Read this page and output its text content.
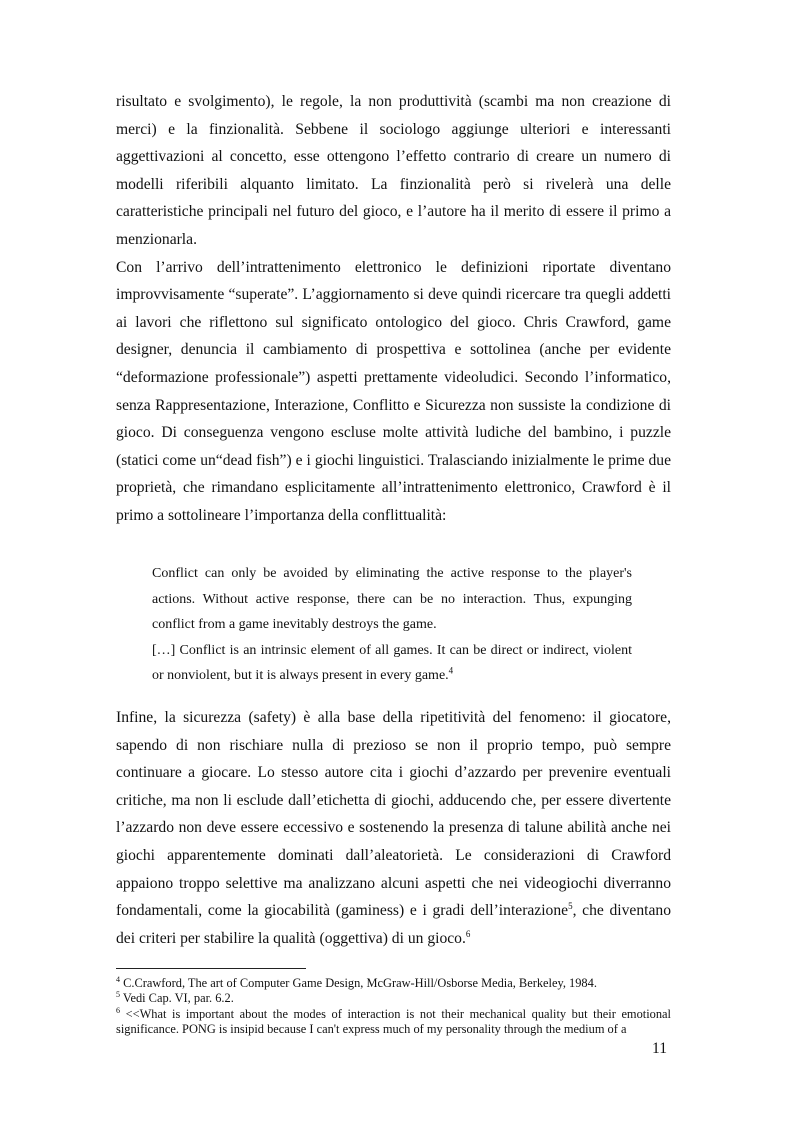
risultato e svolgimento), le regole, la non produttività (scambi ma non creazione di merci) e la finzionalità. Sebbene il sociologo aggiunge ulteriori e interessanti aggettivazioni al concetto, esse ottengono l’effetto contrario di creare un numero di modelli riferibili alquanto limitato. La finzionalità però si rivelerà una delle caratteristiche principali nel futuro del gioco, e l’autore ha il merito di essere il primo a menzionarla.

Con l’arrivo dell’intrattenimento elettronico le definizioni riportate diventano improvvisamente “superate”. L’aggiornamento si deve quindi ricercare tra quegli addetti ai lavori che riflettono sul significato ontologico del gioco. Chris Crawford, game designer, denuncia il cambiamento di prospettiva e sottolinea (anche per evidente “deformazione professionale”) aspetti prettamente videoludici. Secondo l’informatico, senza Rappresentazione, Interazione, Conflitto e Sicurezza non sussiste la condizione di gioco. Di conseguenza vengono escluse molte attività ludiche del bambino, i puzzle (statici come un“dead fish”) e i giochi linguistici. Tralasciando inizialmente le prime due proprietà, che rimandano esplicitamente all’intrattenimento elettronico, Crawford è il primo a sottolineare l’importanza della conflittualità:

Conflict can only be avoided by eliminating the active response to the player's actions. Without active response, there can be no interaction. Thus, expunging conflict from a game inevitably destroys the game.

[…] Conflict is an intrinsic element of all games. It can be direct or indirect, violent or nonviolent, but it is always present in every game.$^4$

Infine, la sicurezza (safety) è alla base della ripetitività del fenomeno: il giocatore, sapendo di non rischiare nulla di prezioso se non il proprio tempo, può sempre continuare a giocare. Lo stesso autore cita i giochi d’azzardo per prevenire eventuali critiche, ma non li esclude dall’etichetta di giochi, adducendo che, per essere divertente l’azzardo non deve essere eccessivo e sostenendo la presenza di talune abilità anche nei giochi apparentemente dominati dall’aleatorietà. Le considerazioni di Crawford appaiono troppo selettive ma analizzano alcuni aspetti che nei videogiochi diverranno fondamentali, come la giocabilità (gaminess) e i gradi dell’interazione$^5$, che diventano dei criteri per stabilire la qualità (oggettiva) di un gioco.$^6$

$^4$ C.Crawford, The art of Computer Game Design, McGraw-Hill/Osborse Media, Berkeley, 1984.

$^5$ Vedi Cap. VI, par. 6.2.

$^6$ <<What is important about the modes of interaction is not their mechanical quality but their emotional significance. PONG is insipid because I can't express much of my personality through the medium of a

11
